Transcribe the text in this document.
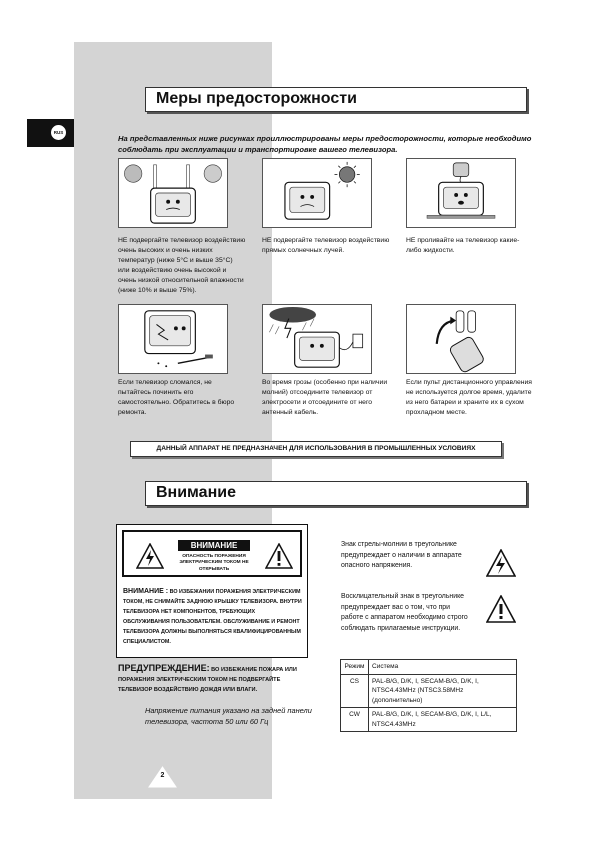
RUS
Меры предосторожности
На представленных ниже рисунках проиллюстрированы меры предосторожности, которые необходимо соблюдать при эксплуатации и транспортировке вашего телевизора.
НЕ подвергайте телевизор воздействию очень высоких и очень низких температур (ниже 5°С и выше 35°С) или воздействию очень высокой и очень низкой относительной влажности (ниже 10% и выше 75%).
НЕ подвергайте телевизор воздействию прямых солнечных лучей.
НЕ проливайте на телевизор какие-либо жидкости.
Если телевизор сломался, не пытайтесь починить его самостоятельно. Обратитесь в бюро ремонта.
Во время грозы (особенно при наличии молний) отсоедините телевизор от электросети и отсоедините от него антенный кабель.
Если пульт дистанционного управления не используется долгое время, удалите из него батареи и храните их в сухом прохладном месте.
ДАННЫЙ АППАРАТ НЕ ПРЕДНАЗНАЧЕН ДЛЯ ИСПОЛЬЗОВАНИЯ В ПРОМЫШЛЕННЫХ УСЛОВИЯХ
Внимание
ВНИМАНИЕ
ОПАСНОСТЬ ПОРАЖЕНИЯ ЭЛЕКТРИЧЕСКИМ ТОКОМ НЕ ОТКРЫВАТЬ
ВНИМАНИЕ : ВО ИЗБЕЖАНИИ ПОРАЖЕНИЯ ЭЛЕКТРИЧЕСКИМ ТОКОМ, НЕ СНИМАЙТЕ ЗАДНЮЮ КРЫШКУ ТЕЛЕВИЗОРА. ВНУТРИ ТЕЛЕВИЗОРА НЕТ КОМПОНЕНТОВ, ТРЕБУЮЩИХ ОБСЛУЖИВАНИЯ ПОЛЬЗОВАТЕЛЕМ. ОБСЛУЖИВАНИЕ И РЕМОНТ ТЕЛЕВИЗОРА ДОЛЖНЫ ВЫПОЛНЯТЬСЯ КВАЛИФИЦИРОВАННЫМ СПЕЦИАЛИСТОМ.
ПРЕДУПРЕЖДЕНИЕ: ВО ИЗБЕЖАНИЕ ПОЖАРА ИЛИ ПОРАЖЕНИЯ ЭЛЕКТРИЧЕСКИМ ТОКОМ НЕ ПОДВЕРГАЙТЕ ТЕЛЕВИЗОР ВОЗДЕЙСТВИЮ ДОЖДЯ ИЛИ ВЛАГИ.
Напряжение питания указано на задней панели телевизора, частота 50 или 60 Гц
Знак стрелы-молнии в треугольнике предупреждает о наличии в аппарате опасного напряжения.
Восклицательный знак в треугольнике предупреждает вас о том, что при работе с аппаратом необходимо строго соблюдать прилагаемые инструкции.
Режим	Система
CS	PAL-B/G, D/K, I, SECAM-B/G, D/K, I, NTSC4.43MHz (NTSC3.58MHz (дополнительно)
CW	PAL-B/G, D/K, I, SECAM-B/G, D/K, I, L/L, NTSC4.43MHz
2
